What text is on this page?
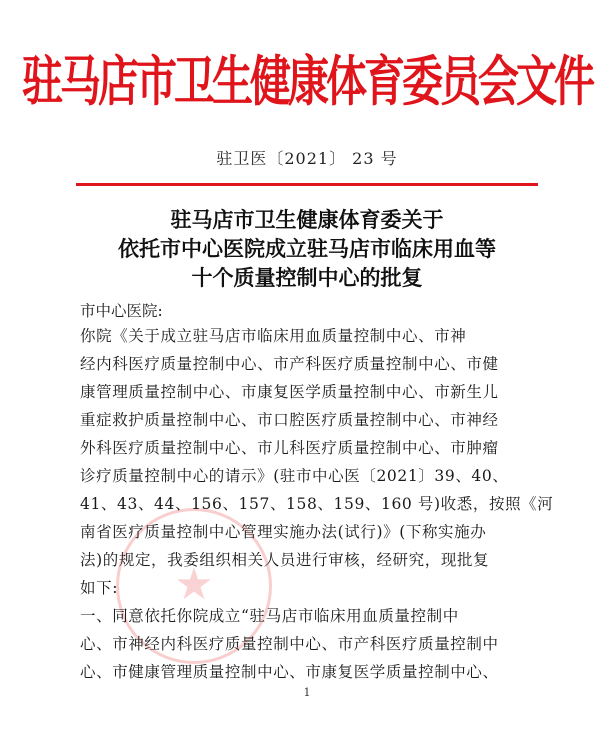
★
驻马店市卫生健康体育委员会文件
驻卫医〔2021〕 23 号
驻马店市卫生健康体育委关于
依托市中心医院成立驻马店市临床用血等
十个质量控制中心的批复
市中心医院:
你院《关于成立驻马店市临床用血质量控制中心、市神
经内科医疗质量控制中心、市产科医疗质量控制中心、市健
康管理质量控制中心、市康复医学质量控制中心、市新生儿
重症救护质量控制中心、市口腔医疗质量控制中心、市神经
外科医疗质量控制中心、市儿科医疗质量控制中心、市肿瘤
诊疗质量控制中心的请示》(驻市中心医〔2021〕39、40、
41、43、44、156、157、158、159、160 号)收悉，按照《河
南省医疗质量控制中心管理实施办法(试行)》(下称实施办
法)的规定，我委组织相关人员进行审核，经研究，现批复
如下:
一、同意依托你院成立“驻马店市临床用血质量控制中
心、市神经内科医疗质量控制中心、市产科医疗质量控制中
心、市健康管理质量控制中心、市康复医学质量控制中心、
1
